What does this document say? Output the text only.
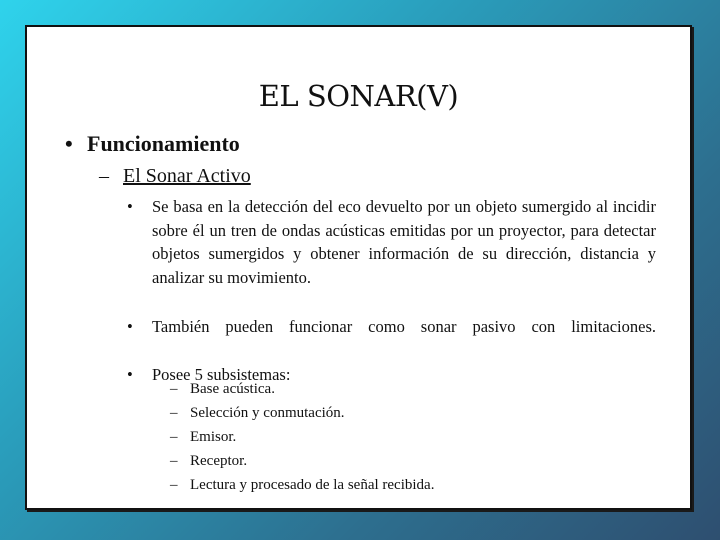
EL SONAR(V)
• Funcionamiento
– El Sonar Activo
• Se basa en la detección del eco devuelto por un objeto sumergido al incidir sobre él un tren de ondas acústicas emitidas por un proyector, para detectar objetos sumergidos y obtener información de su dirección, distancia y analizar su movimiento.
• También pueden funcionar como sonar pasivo con limitaciones.
• Posee 5 subsistemas:
– Base acústica.
– Selección y conmutación.
– Emisor.
– Receptor.
– Lectura y procesado de la señal recibida.
